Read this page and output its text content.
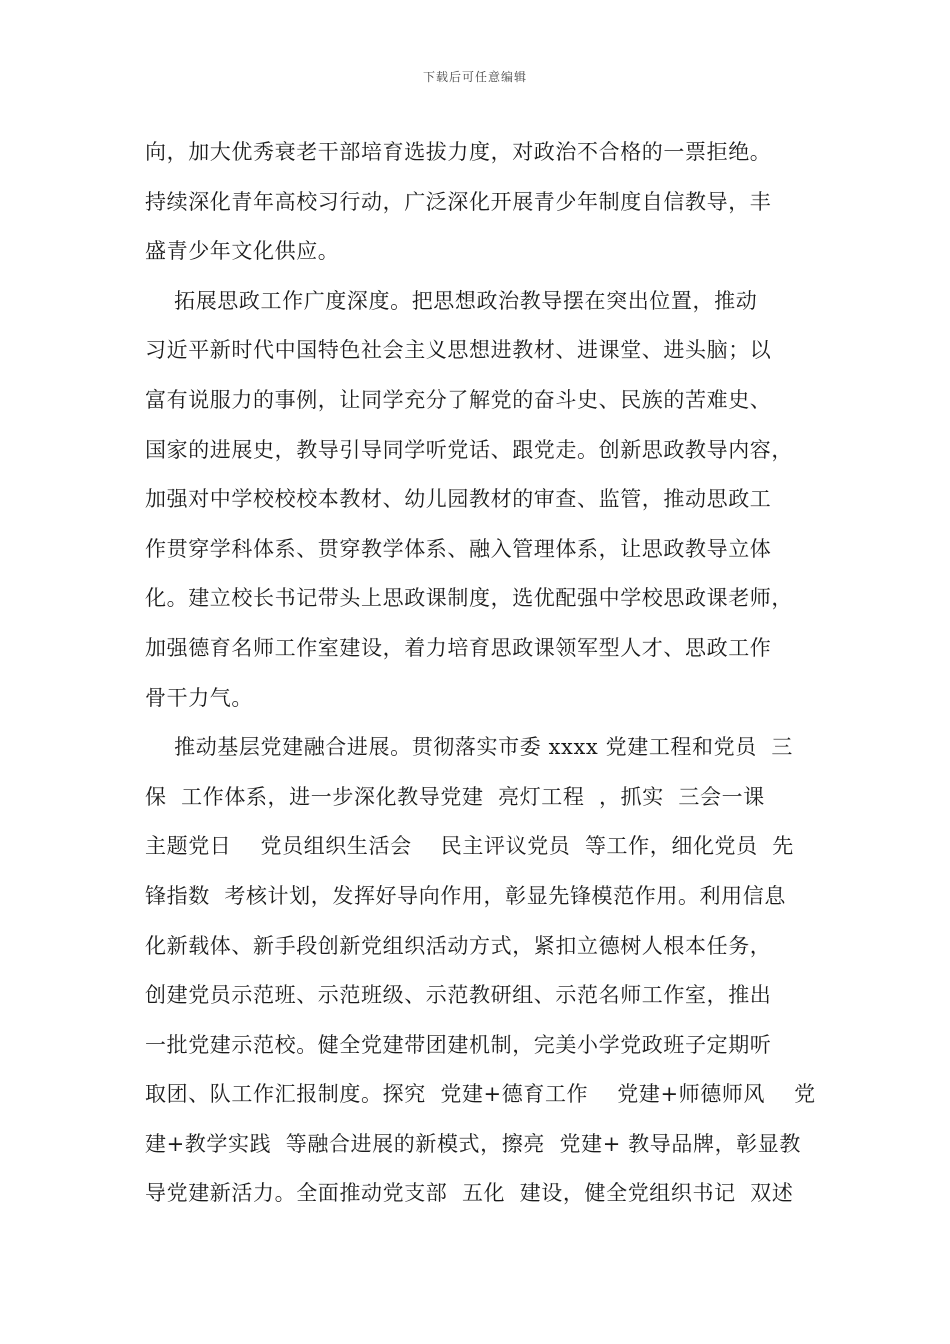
下载后可任意编辑
向，加大优秀衰老干部培育选拔力度，对政治不合格的一票拒绝。
持续深化青年高校习行动，广泛深化开展青少年制度自信教导，丰
盛青少年文化供应。
拓展思政工作广度深度。把思想政治教导摆在突出位置，推动
习近平新时代中国特色社会主义思想进教材、进课堂、进头脑；以
富有说服力的事例，让同学充分了解党的奋斗史、民族的苦难史、
国家的进展史，教导引导同学听党话、跟党走。创新思政教导内容，
加强对中学校校校本教材、幼儿园教材的审查、监管，推动思政工
作贯穿学科体系、贯穿教学体系、融入管理体系，让思政教导立体
化。建立校长书记带头上思政课制度，选优配强中学校思政课老师，
加强德育名师工作室建设，着力培育思政课领军型人才、思政工作
骨干力气。
推动基层党建融合进展。贯彻落实市委 xxxx 党建工程和党员  三
保  工作体系，进一步深化教导党建  亮灯工程  ，抓实  三会一课
主题党日    党员组织生活会    民主评议党员  等工作，细化党员  先
锋指数  考核计划，发挥好导向作用，彰显先锋模范作用。利用信息
化新载体、新手段创新党组织活动方式，紧扣立德树人根本任务，
创建党员示范班、示范班级、示范教研组、示范名师工作室，推出
一批党建示范校。健全党建带团建机制，完美小学党政班子定期听
取团、队工作汇报制度。探究  党建+德育工作    党建+师德师风    党
建+教学实践  等融合进展的新模式，擦亮  党建+ 教导品牌，彰显教
导党建新活力。全面推动党支部  五化  建设，健全党组织书记  双述
